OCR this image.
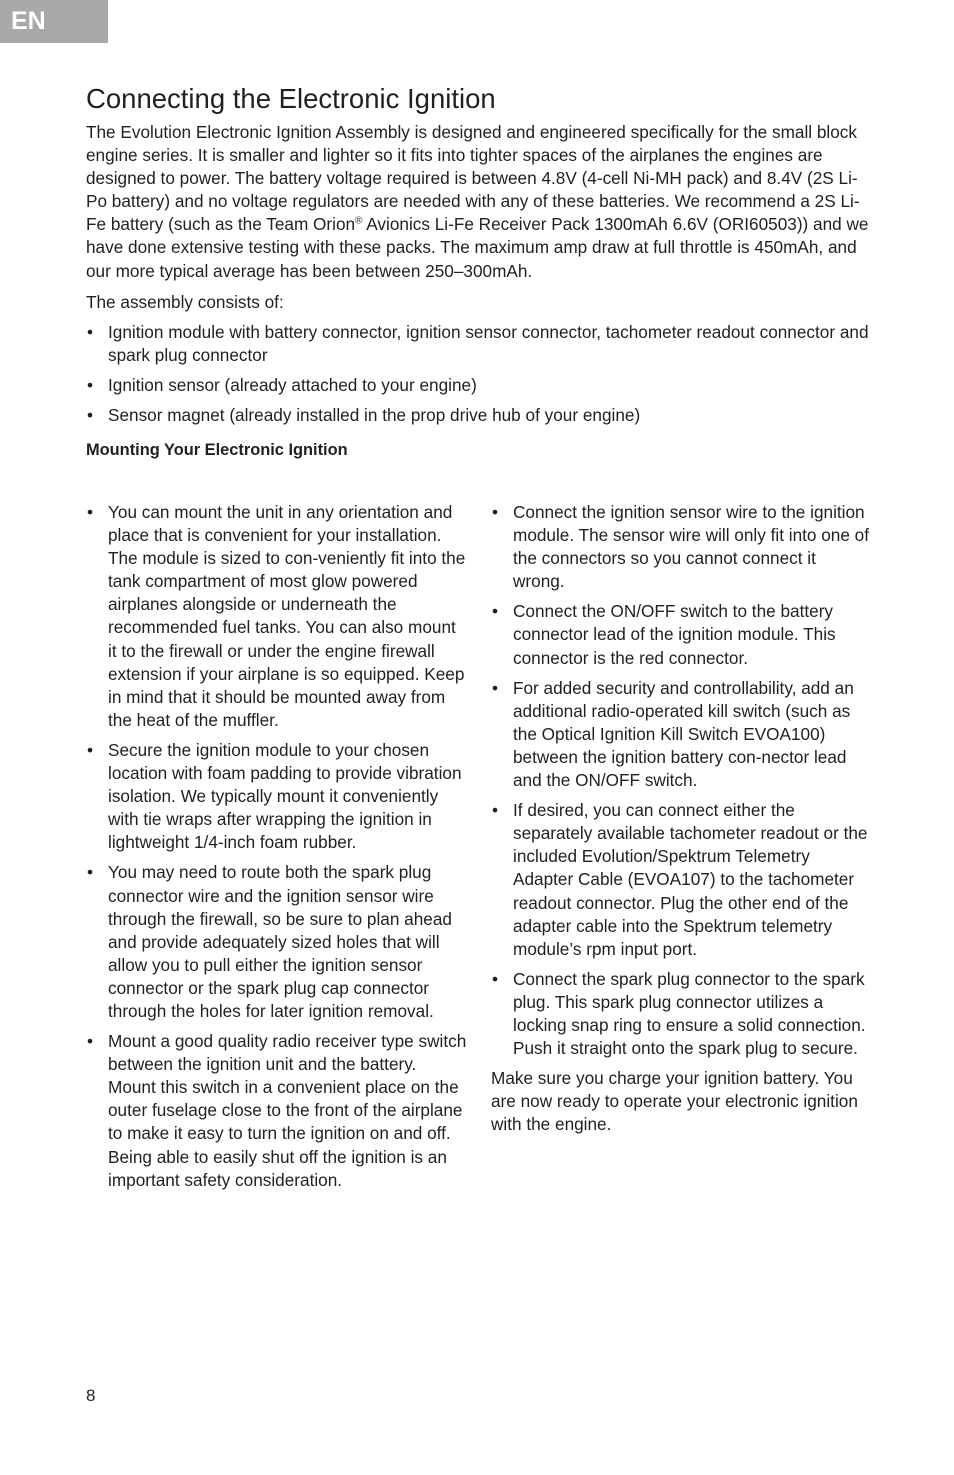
EN
Connecting the Electronic Ignition

The Evolution Electronic Ignition Assembly is designed and engineered specifically for the small block engine series. It is smaller and lighter so it fits into tighter spaces of the airplanes the engines are designed to power. The battery voltage required is between 4.8V (4-cell Ni-MH pack) and 8.4V (2S Li-Po battery) and no voltage regulators are needed with any of these batteries. We recommend a 2S Li-Fe battery (such as the Team Orion® Avionics Li-Fe Receiver Pack 1300mAh 6.6V (ORI60503)) and we have done extensive testing with these packs. The maximum amp draw at full throttle is 450mAh, and our more typical average has been between 250–300mAh.

The assembly consists of:

• Ignition module with battery connector, ignition sensor connector, tachometer readout connector and spark plug connector
• Ignition sensor (already attached to your engine)
• Sensor magnet (already installed in the prop drive hub of your engine)
Mounting Your Electronic Ignition
• You can mount the unit in any orientation and place that is convenient for your installation. The module is sized to con-veniently fit into the tank compartment of most glow powered airplanes alongside or underneath the recommended fuel tanks. You can also mount it to the firewall or under the engine firewall extension if your airplane is so equipped. Keep in mind that it should be mounted away from the heat of the muffler.
• Secure the ignition module to your chosen location with foam padding to provide vibration isolation. We typically mount it conveniently with tie wraps after wrapping the ignition in lightweight 1/4-inch foam rubber.
• You may need to route both the spark plug connector wire and the ignition sensor wire through the firewall, so be sure to plan ahead and provide adequately sized holes that will allow you to pull either the ignition sensor connector or the spark plug cap connector through the holes for later ignition removal.
• Mount a good quality radio receiver type switch between the ignition unit and the battery. Mount this switch in a convenient place on the outer fuselage close to the front of the airplane to make it easy to turn the ignition on and off. Being able to easily shut off the ignition is an important safety consideration.
• Connect the ignition sensor wire to the ignition module. The sensor wire will only fit into one of the connectors so you cannot connect it wrong.
• Connect the ON/OFF switch to the battery connector lead of the ignition module. This connector is the red connector.
• For added security and controllability, add an additional radio-operated kill switch (such as the Optical Ignition Kill Switch EVOA100) between the ignition battery con-nector lead and the ON/OFF switch.
• If desired, you can connect either the separately available tachometer readout or the included Evolution/Spektrum Telemetry Adapter Cable (EVOA107) to the tachometer readout connector. Plug the other end of the adapter cable into the Spektrum telemetry module’s rpm input port.
• Connect the spark plug connector to the spark plug. This spark plug connector utilizes a locking snap ring to ensure a solid connection. Push it straight onto the spark plug to secure.

Make sure you charge your ignition battery. You are now ready to operate your electronic ignition with the engine.

8
